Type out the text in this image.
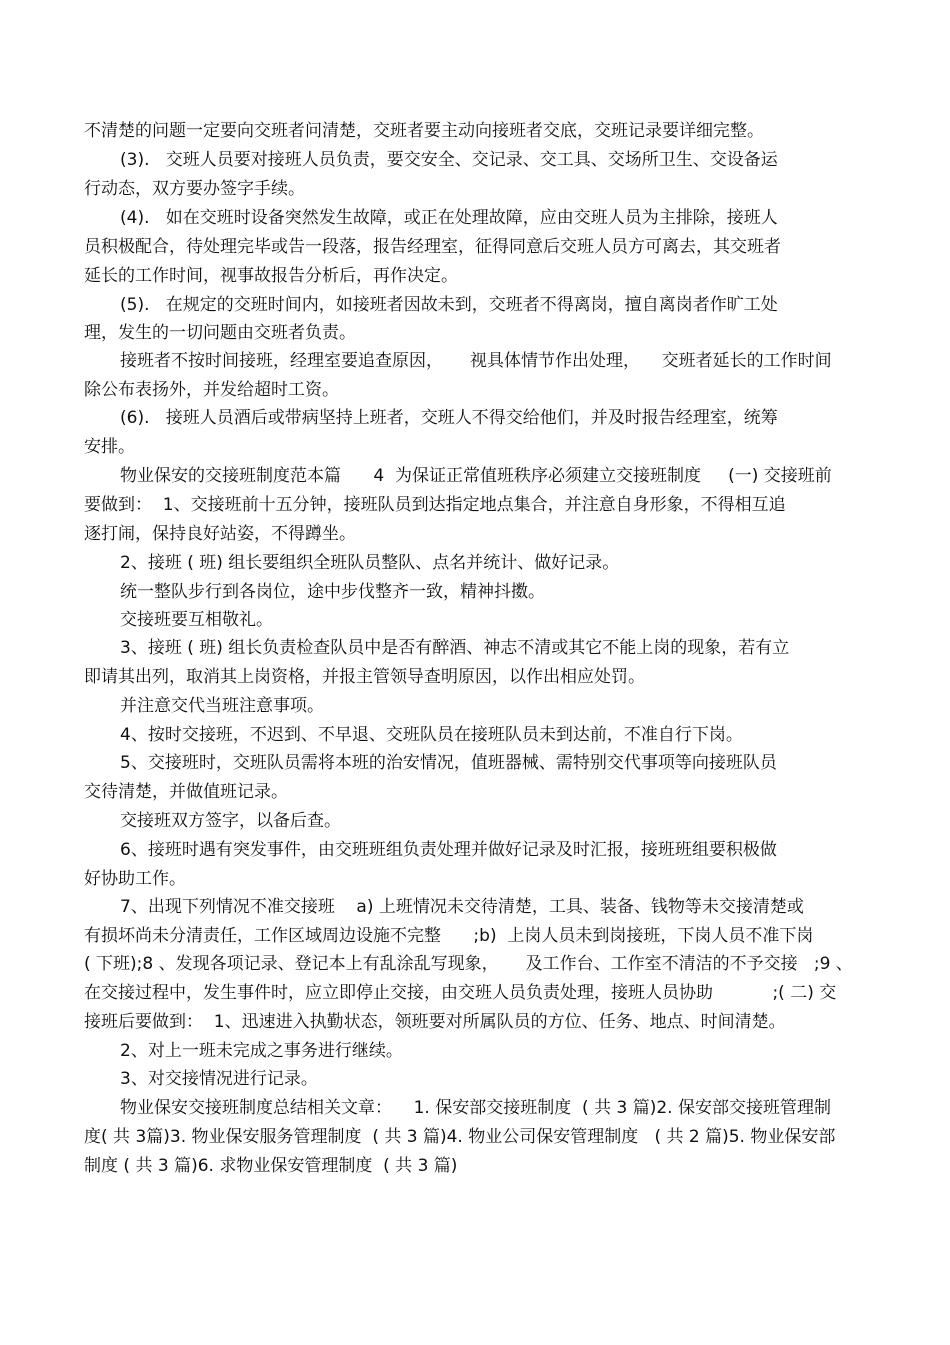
不清楚的问题一定要向交班者问清楚，交班者要主动向接班者交底，交班记录要详细完整。

(3).   交班人员要对接班人员负责，要交安全、交记录、交工具、交场所卫生、交设备运

行动态，双方要办签字手续。

(4).   如在交班时设备突然发生故障，或正在处理故障，应由交班人员为主排除，接班人

员积极配合，待处理完毕或告一段落，报告经理室，征得同意后交班人员方可离去，其交班者

延长的工作时间，视事故报告分析后，再作决定。

(5).   在规定的交班时间内，如接班者因故未到，交班者不得离岗，擅自离岗者作旷工处

理，发生的一切问题由交班者负责。

接班者不按时间接班，经理室要追查原因，     视具体情节作出处理，    交班者延长的工作时间

除公布表扬外，并发给超时工资。

(6).   接班人员酒后或带病坚持上班者，交班人不得交给他们，并及时报告经理室，统筹

安排。

物业保安的交接班制度范本篇      4  为保证正常值班秩序必须建立交接班制度     (一) 交接班前

要做到：  1、交接班前十五分钟，接班队员到达指定地点集合，并注意自身形象，不得相互追

逐打闹，保持良好站姿，不得蹲坐。

2、接班 ( 班) 组长要组织全班队员整队、点名并统计、做好记录。

统一整队步行到各岗位，途中步伐整齐一致，精神抖擞。

交接班要互相敬礼。

3、接班 ( 班) 组长负责检查队员中是否有醉酒、神志不清或其它不能上岗的现象，若有立

即请其出列，取消其上岗资格，并报主管领导查明原因，以作出相应处罚。

并注意交代当班注意事项。

4、按时交接班，不迟到、不早退、交班队员在接班队员未到达前，不准自行下岗。

5、交接班时，交班队员需将本班的治安情况，值班器械、需特别交代事项等向接班队员

交待清楚，并做值班记录。

交接班双方签字，以备后查。

6、接班时遇有突发事件，由交班班组负责处理并做好记录及时汇报，接班班组要积极做

好协助工作。

7、出现下列情况不准交接班    a) 上班情况未交待清楚，工具、装备、钱物等未交接清楚或

有损坏尚未分清责任，工作区域周边设施不完整      ;b)  上岗人员未到岗接班，下岗人员不准下岗

( 下班);8 、发现各项记录、登记本上有乱涂乱写现象，     及工作台、工作室不清洁的不予交接   ;9 、

在交接过程中，发生事件时，应立即停止交接，由交班人员负责处理，接班人员协助           ;( 二) 交

接班后要做到：  1、迅速进入执勤状态，领班要对所属队员的方位、任务、地点、时间清楚。

2、对上一班未完成之事务进行继续。

3、对交接情况进行记录。

物业保安交接班制度总结相关文章：    1. 保安部交接班制度  ( 共 3 篇)2. 保安部交接班管理制

度( 共 3篇)3. 物业保安服务管理制度  ( 共 3 篇)4. 物业公司保安管理制度   ( 共 2 篇)5. 物业保安部

制度 ( 共 3 篇)6. 求物业保安管理制度  ( 共 3 篇)
